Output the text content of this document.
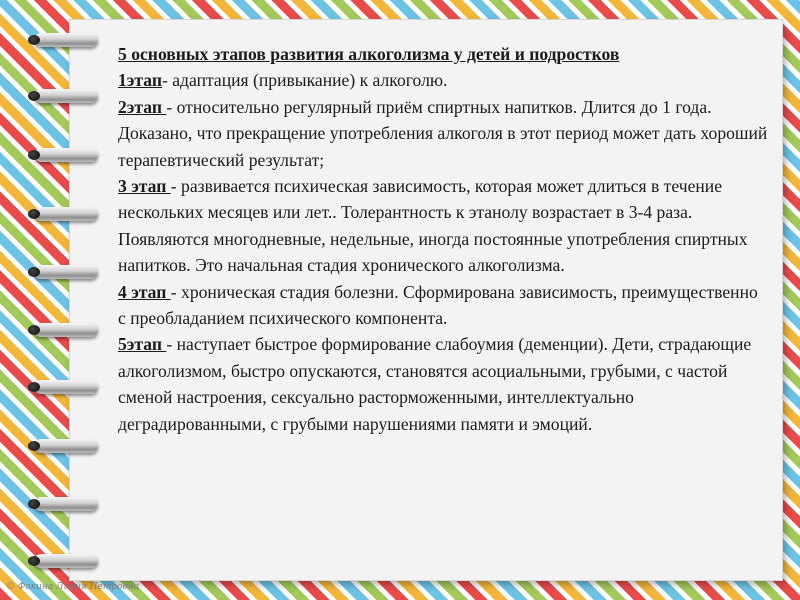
5 основных этапов развития алкоголизма у детей и подростков

1этап- адаптация (привыкание) к алкоголю.

2этап - относительно регулярный приём спиртных напитков. Длится до 1 года. Доказано, что прекращение употребления алкоголя в этот период может дать хороший терапевтический результат;

3 этап - развивается психическая зависимость, которая может длиться в течение нескольких месяцев или лет.. Толерантность к этанолу возрастает в 3-4 раза. Появляются многодневные, недельные, иногда постоянные употребления спиртных напитков. Это начальная стадия хронического алкоголизма.

4 этап - хроническая стадия болезни. Сформирована зависимость, преимущественно с преобладанием психического компонента.

5этап - наступает быстрое формирование слабоумия (деменции). Дети, страдающие алкоголизмом, быстро опускаются, становятся асоциальными, грубыми, с частой сменой настроения, сексуально расторможенными, интеллектуально деградированными, с грубыми нарушениями памяти и эмоций.

© Фокина Лидия Петровна
